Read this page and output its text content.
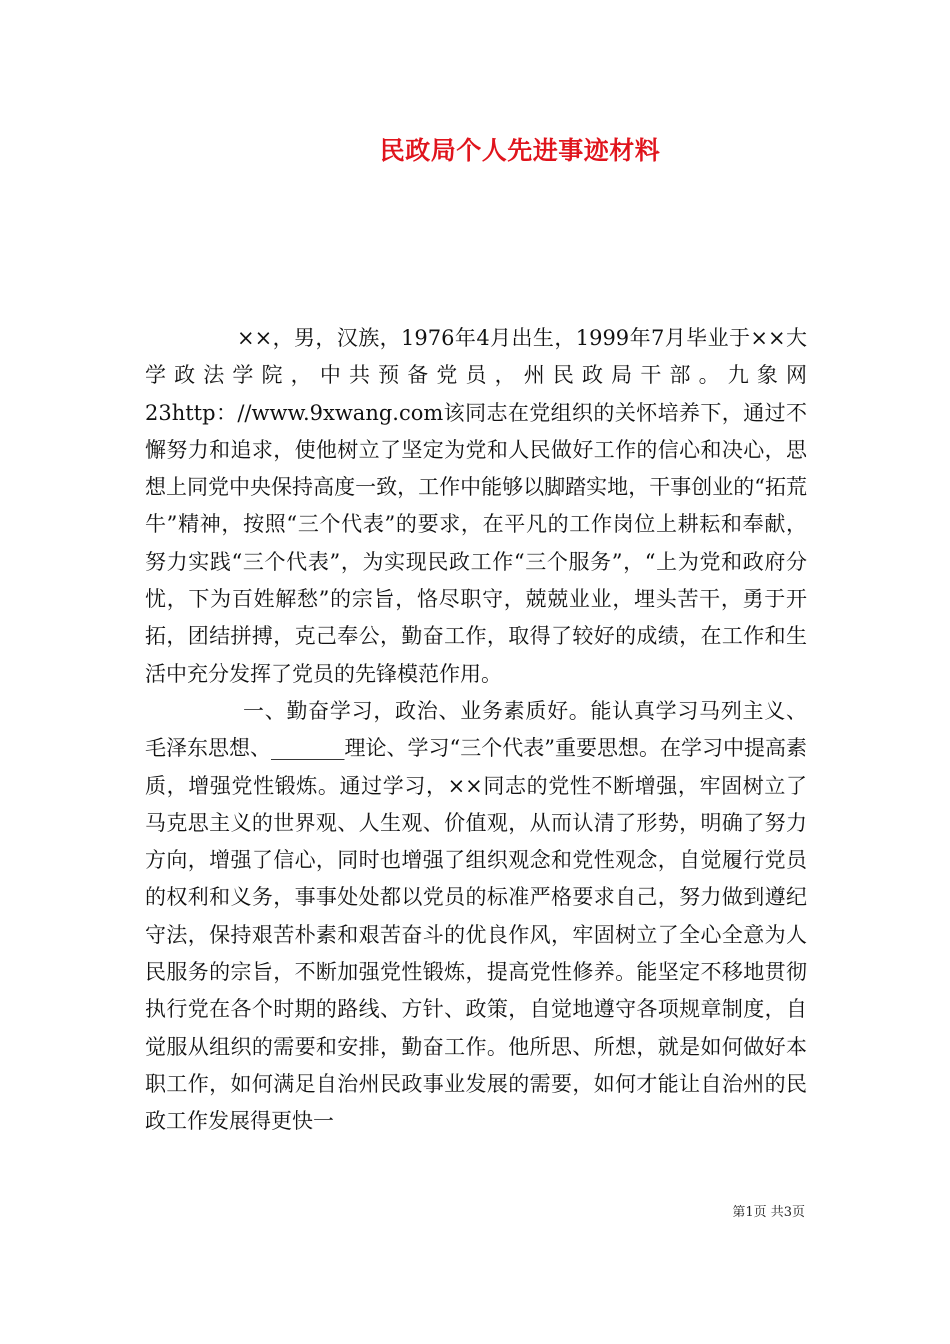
民政局个人先进事迹材料

××，男，汉族，1976年4月出生，1999年7月毕业于××大学政法学院，中共预备党员，州民政局干部。九象网23http：//www.9xwang.com该同志在党组织的关怀培养下，通过不懈努力和追求，使他树立了坚定为党和人民做好工作的信心和决心，思想上同党中央保持高度一致，工作中能够以脚踏实地，干事创业的“拓荒牛”精神，按照“三个代表”的要求，在平凡的工作岗位上耕耘和奉献，努力实践“三个代表”，为实现民政工作“三个服务”，“上为党和政府分忧，下为百姓解愁”的宗旨，恪尽职守，兢兢业业，埋头苦干，勇于开拓，团结拼搏，克己奉公，勤奋工作，取得了较好的成绩，在工作和生活中充分发挥了党员的先锋模范作用。

一、勤奋学习，政治、业务素质好。能认真学习马列主义、毛泽东思想、_______理论、学习“三个代表”重要思想。在学习中提高素质，增强党性锻炼。通过学习，××同志的党性不断增强，牢固树立了马克思主义的世界观、人生观、价值观，从而认清了形势，明确了努力方向，增强了信心，同时也增强了组织观念和党性观念，自觉履行党员的权利和义务，事事处处都以党员的标准严格要求自己，努力做到遵纪守法，保持艰苦朴素和艰苦奋斗的优良作风，牢固树立了全心全意为人民服务的宗旨，不断加强党性锻炼，提高党性修养。能坚定不移地贯彻执行党在各个时期的路线、方针、政策，自觉地遵守各项规章制度，自觉服从组织的需要和安排，勤奋工作。他所思、所想，就是如何做好本职工作，如何满足自治州民政事业发展的需要，如何才能让自治州的民政工作发展得更快一

第1页 共3页
